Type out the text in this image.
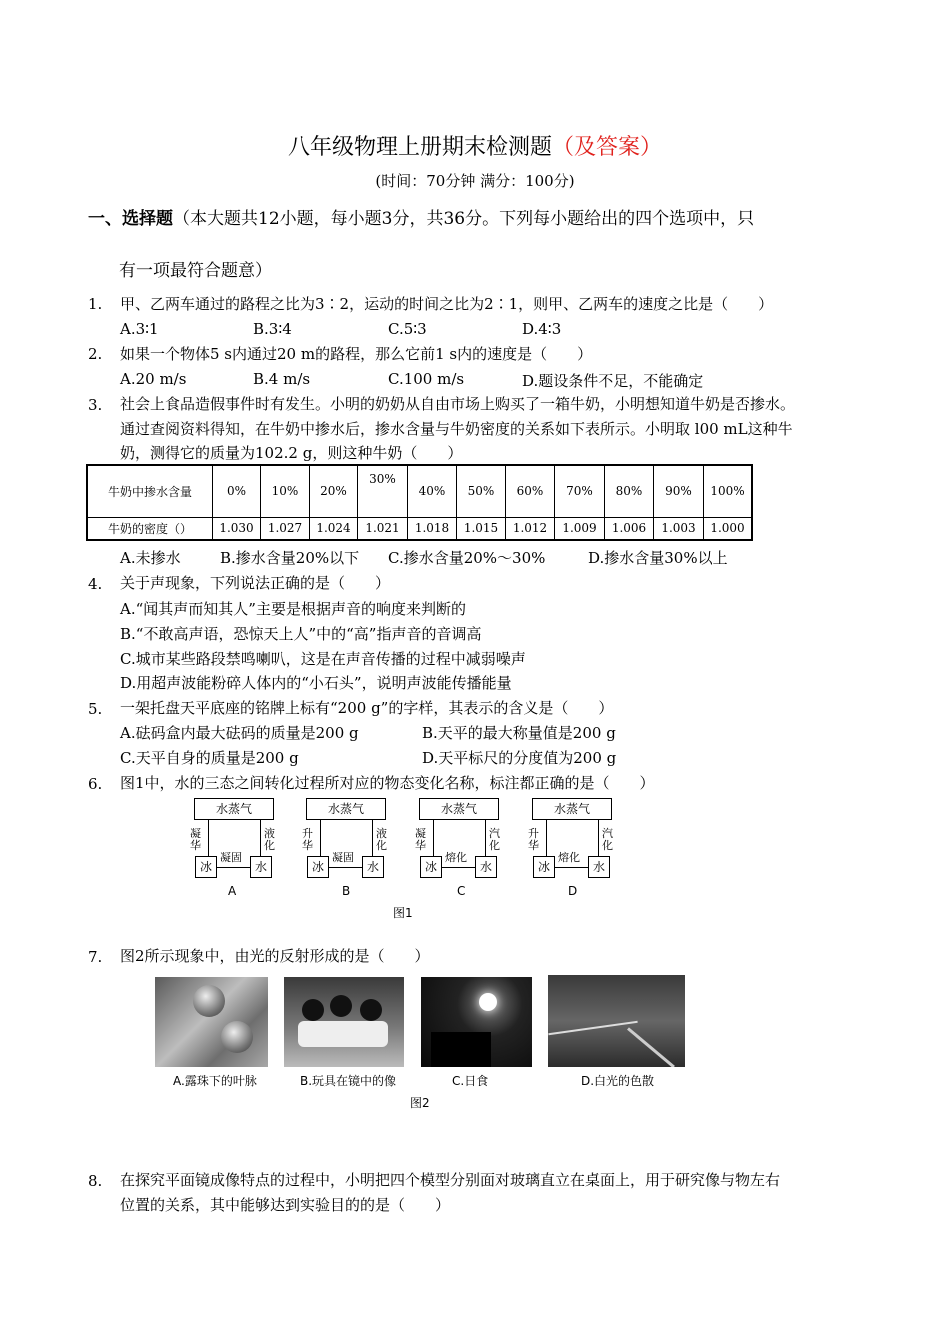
八年级物理上册期末检测题（及答案）
(时间：70分钟 满分：100分)
一、选择题（本大题共12小题，每小题3分，共36分。下列每小题给出的四个选项中，只
有一项最符合题意）
1. 甲、乙两车通过的路程之比为3∶2，运动的时间之比为2∶1，则甲、乙两车的速度之比是（　　）
A.3∶1	B.3∶4	C.5∶3	D.4∶3
2. 如果一个物体5 s内通过20 m的路程，那么它前1 s内的速度是（　　）
A.20 m/s	B.4 m/s	C.100 m/s	D.题设条件不足，不能确定
3. 社会上食品造假事件时有发生。小明的奶奶从自由市场上购买了一箱牛奶，小明想知道牛奶是否掺水。
通过查阅资料得知，在牛奶中掺水后，掺水含量与牛奶密度的关系如下表所示。小明取 l00 mL这种牛
奶，测得它的质量为102.2 g，则这种牛奶（　　）
牛奶中掺水含量	0%	10%	20%	30%	40%	50%	60%	70%	80%	90%	100%
牛奶的密度（）	1.030	1.027	1.024	1.021	1.018	1.015	1.012	1.009	1.006	1.003	1.000
A.未掺水	B.掺水含量20%以下 C.掺水含量20%～30%	D.掺水含量30%以上
4. 关于声现象，下列说法正确的是（　　）
A.“闻其声而知其人”主要是根据声音的响度来判断的
B.“不敢高声语，恐惊天上人”中的“高”指声音的音调高
C.城市某些路段禁鸣喇叭，这是在声音传播的过程中减弱噪声
D.用超声波能粉碎人体内的“小石头”，说明声波能传播能量
5. 一架托盘天平底座的铭牌上标有“200 g”的字样，其表示的含义是（　　）
A.砝码盒内最大砝码的质量是200 g	B.天平的最大称量值是200 g
C.天平自身的质量是200 g	D.天平标尺的分度值为200 g
6. 图1中，水的三态之间转化过程所对应的物态变化名称，标注都正确的是（　　）
水蒸气
凝华
液化
冰	水
凝固
A
水蒸气
升华
液化
冰	水
凝固
B
水蒸气
凝华
汽化
冰	水
熔化
C
水蒸气
升华
汽化
冰	水
熔化
D
图1
7. 图2所示现象中，由光的反射形成的是（　　）
A.露珠下的叶脉	B.玩具在镜中的像	C.日食	D.白光的色散
图2
8. 在探究平面镜成像特点的过程中，小明把四个模型分别面对玻璃直立在桌面上，用于研究像与物左右
位置的关系，其中能够达到实验目的的是（　　）
